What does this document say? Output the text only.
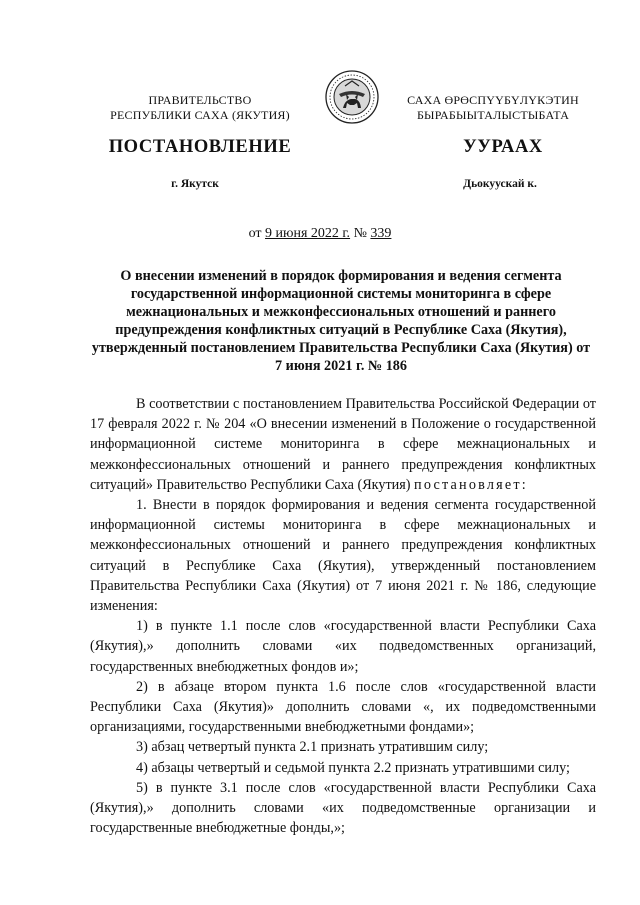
ПРАВИТЕЛЬСТВО
РЕСПУБЛИКИ САХА (ЯКУТИЯ)
САХА ӨРӨСПҮҮБҮЛҮКЭТИН
БЫРАБЫЫТАЛЫСТЫБАТА
ПОСТАНОВЛЕНИЕ	УУРААХ
г. Якутск	Дьокуускай к.
от 9 июня 2022 г. № 339
О внесении изменений в порядок формирования и ведения сегмента государственной информационной системы мониторинга в сфере межнациональных и межконфессиональных отношений и раннего предупреждения конфликтных ситуаций в Республике Саха (Якутия), утвержденный постановлением Правительства Республики Саха (Якутия) от 7 июня 2021 г. № 186

В соответствии с постановлением Правительства Российской Федерации от 17 февраля 2022 г. № 204 «О внесении изменений в Положение о государственной информационной системе мониторинга в сфере межнациональных и межконфессиональных отношений и раннего предупреждения конфликтных ситуаций» Правительство Республики Саха (Якутия) постановляет:

1. Внести в порядок формирования и ведения сегмента государственной информационной системы мониторинга в сфере межнациональных и межконфессиональных отношений и раннего предупреждения конфликтных ситуаций в Республике Саха (Якутия), утвержденный постановлением Правительства Республики Саха (Якутия) от 7 июня 2021 г. № 186, следующие изменения:

1) в пункте 1.1 после слов «государственной власти Республики Саха (Якутия),» дополнить словами «их подведомственных организаций, государственных внебюджетных фондов и»;

2) в абзаце втором пункта 1.6 после слов «государственной власти Республики Саха (Якутия)» дополнить словами «, их подведомственными организациями, государственными внебюджетными фондами»;

3) абзац четвертый пункта 2.1 признать утратившим силу;

4) абзацы четвертый и седьмой пункта 2.2 признать утратившими силу;

5) в пункте 3.1 после слов «государственной власти Республики Саха (Якутия),» дополнить словами «их подведомственные организации и государственные внебюджетные фонды,»;
